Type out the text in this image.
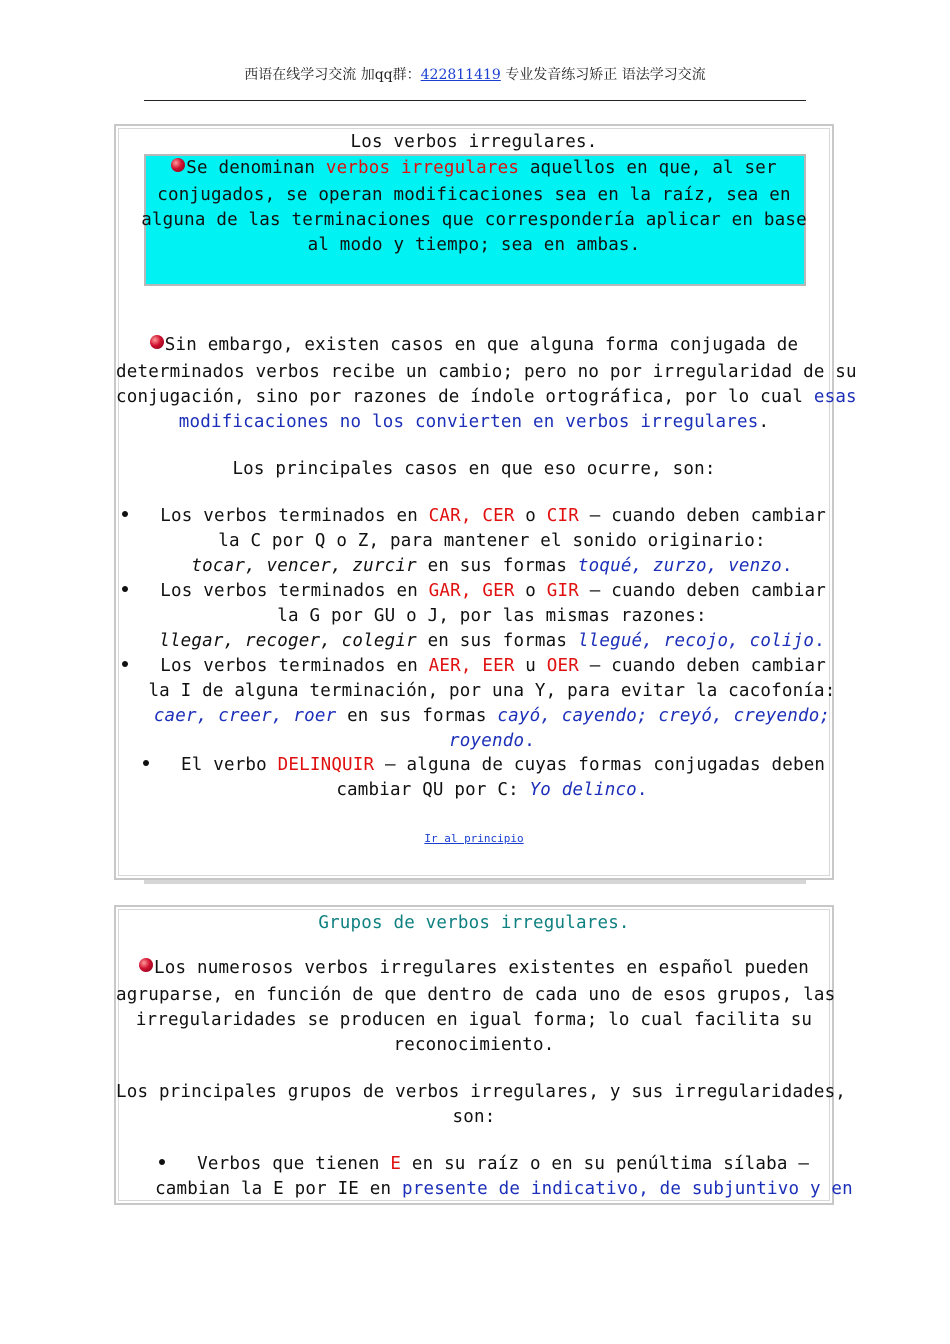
西语在线学习交流 加qq群：422811419 专业发音练习矫正 语法学习交流
Los verbos irregulares.
Se denominan verbos irregulares aquellos en que, al ser
conjugados, se operan modificaciones sea en la raíz, sea en
alguna de las terminaciones que correspondería aplicar en base
al modo y tiempo; sea en ambas.
Sin embargo, existen casos en que alguna forma conjugada de
determinados verbos recibe un cambio; pero no por irregularidad de su
conjugación, sino por razones de índole ortográfica, por lo cual esas
modificaciones no los convierten en verbos irregulares.
Los principales casos en que eso ocurre, son:
Los verbos terminados en CAR, CER o CIR — cuando deben cambiar
la C por Q o Z, para mantener el sonido originario:
tocar, vencer, zurcir en sus formas toqué, zurzo, venzo.
Los verbos terminados en GAR, GER o GIR — cuando deben cambiar
la G por GU o J, por las mismas razones:
llegar, recoger, colegir en sus formas llegué, recojo, colijo.
Los verbos terminados en AER, EER u OER — cuando deben cambiar
la I de alguna terminación, por una Y, para evitar la cacofonía:
caer, creer, roer en sus formas cayó, cayendo; creyó, creyendo;
royendo.
El verbo DELINQUIR — alguna de cuyas formas conjugadas deben
cambiar QU por C: Yo delinco.
Ir al principio
Grupos de verbos irregulares.
Los numerosos verbos irregulares existentes en español pueden
agruparse, en función de que dentro de cada uno de esos grupos, las
irregularidades se producen en igual forma; lo cual facilita su
reconocimiento.
Los principales grupos de verbos irregulares, y sus irregularidades,
son:
Verbos que tienen E en su raíz o en su penúltima sílaba —
cambian la E por IE en presente de indicativo, de subjuntivo y en
